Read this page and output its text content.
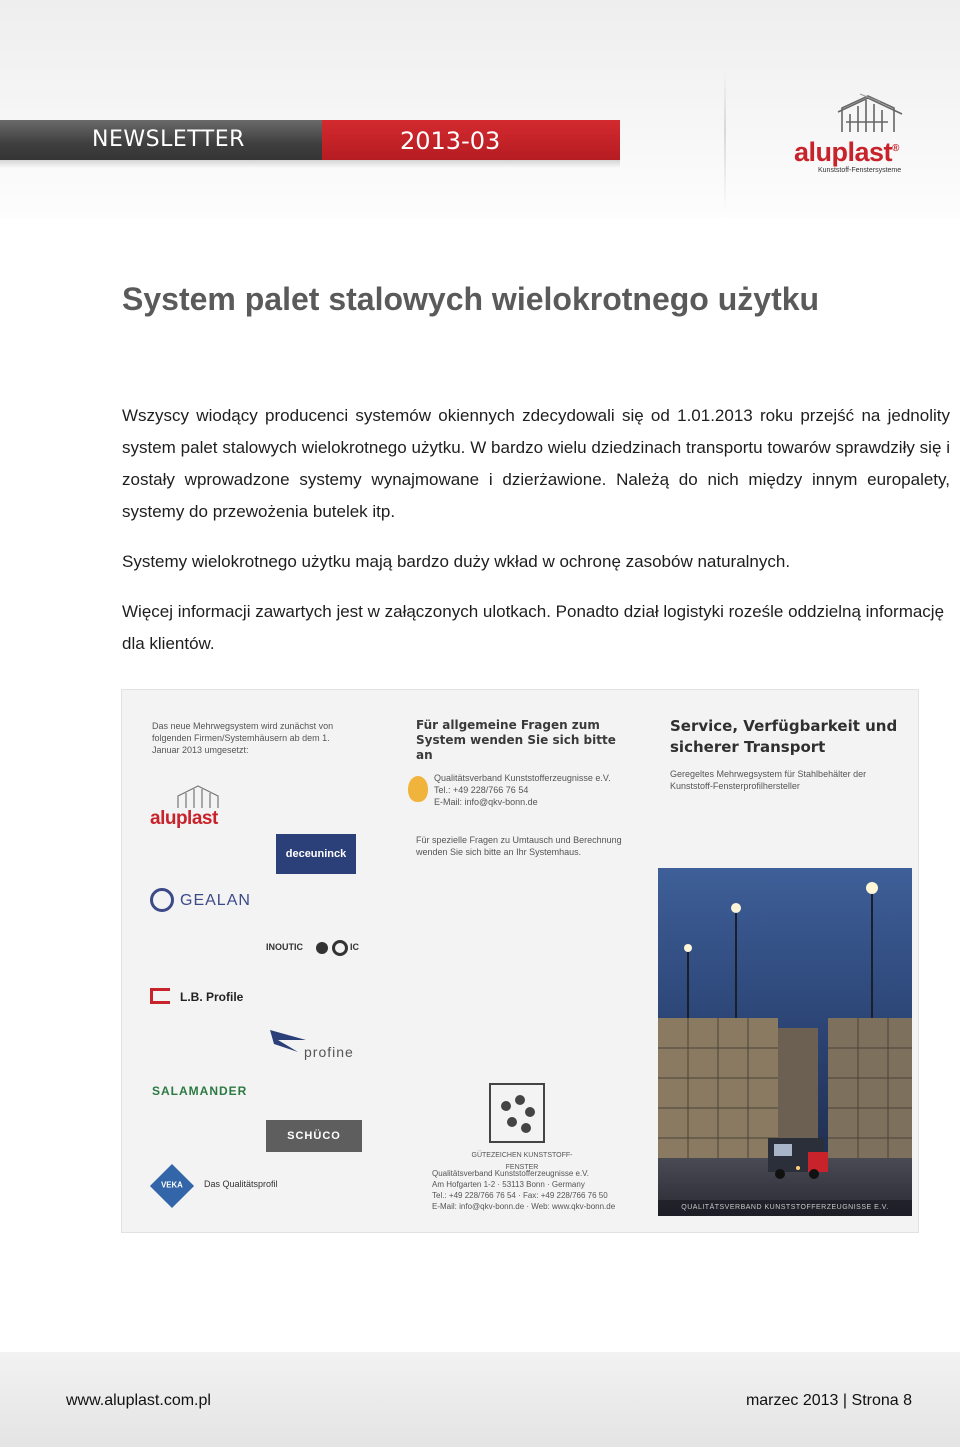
NEWSLETTER	2013-03	aluplast®
Kunststoff-Fenstersysteme
System palet stalowych wielokrotnego użytku

Wszyscy wiodący producenci systemów okiennych zdecydowali się od 1.01.2013 roku przejść na jednolity system palet stalowych wielokrotnego użytku. W bardzo wielu dziedzinach transportu towarów sprawdziły się i zostały wprowadzone systemy wynajmowane i dzierżawione. Należą do nich między innym europalety, systemy do przewożenia butelek itp.

Systemy wielokrotnego użytku mają bardzo duży wkład w ochronę zasobów naturalnych.

Więcej informacji zawartych jest w załączonych ulotkach. Ponadto dział logistyki roześle oddzielną informację dla klientów.

Das neue Mehrwegsystem wird zunächst von folgenden Firmen/Systemhäusern ab dem 1. Januar 2013 umgesetzt:
aluplast
deceuninck
GEALAN
INOUTIC	IC
L.B. Profile
profine
SALAMANDER
SCHÜCO
VEKA	Das Qualitätsprofil
Für allgemeine Fragen zum System wenden Sie sich bitte an
Qualitätsverband Kunststofferzeugnisse e.V.
Tel.: +49 228/766 76 54
E-Mail: info@qkv-bonn.de
Für spezielle Fragen zu Umtausch und Berechnung wenden Sie sich bitte an Ihr Systemhaus.
GÜTEZEICHEN KUNSTSTOFF-FENSTER
Qualitätsverband Kunststofferzeugnisse e.V.
Am Hofgarten 1-2 · 53113 Bonn · Germany
Tel.: +49 228/766 76 54 · Fax: +49 228/766 76 50
E-Mail: info@qkv-bonn.de · Web: www.qkv-bonn.de
Service, Verfügbarkeit und sicherer Transport
Geregeltes Mehrwegsystem für Stahlbehälter der Kunststoff-Fensterprofilhersteller
QUALITÄTSVERBAND KUNSTSTOFFERZEUGNISSE E.V.
www.aluplast.com.pl	marzec 2013 | Strona 8
